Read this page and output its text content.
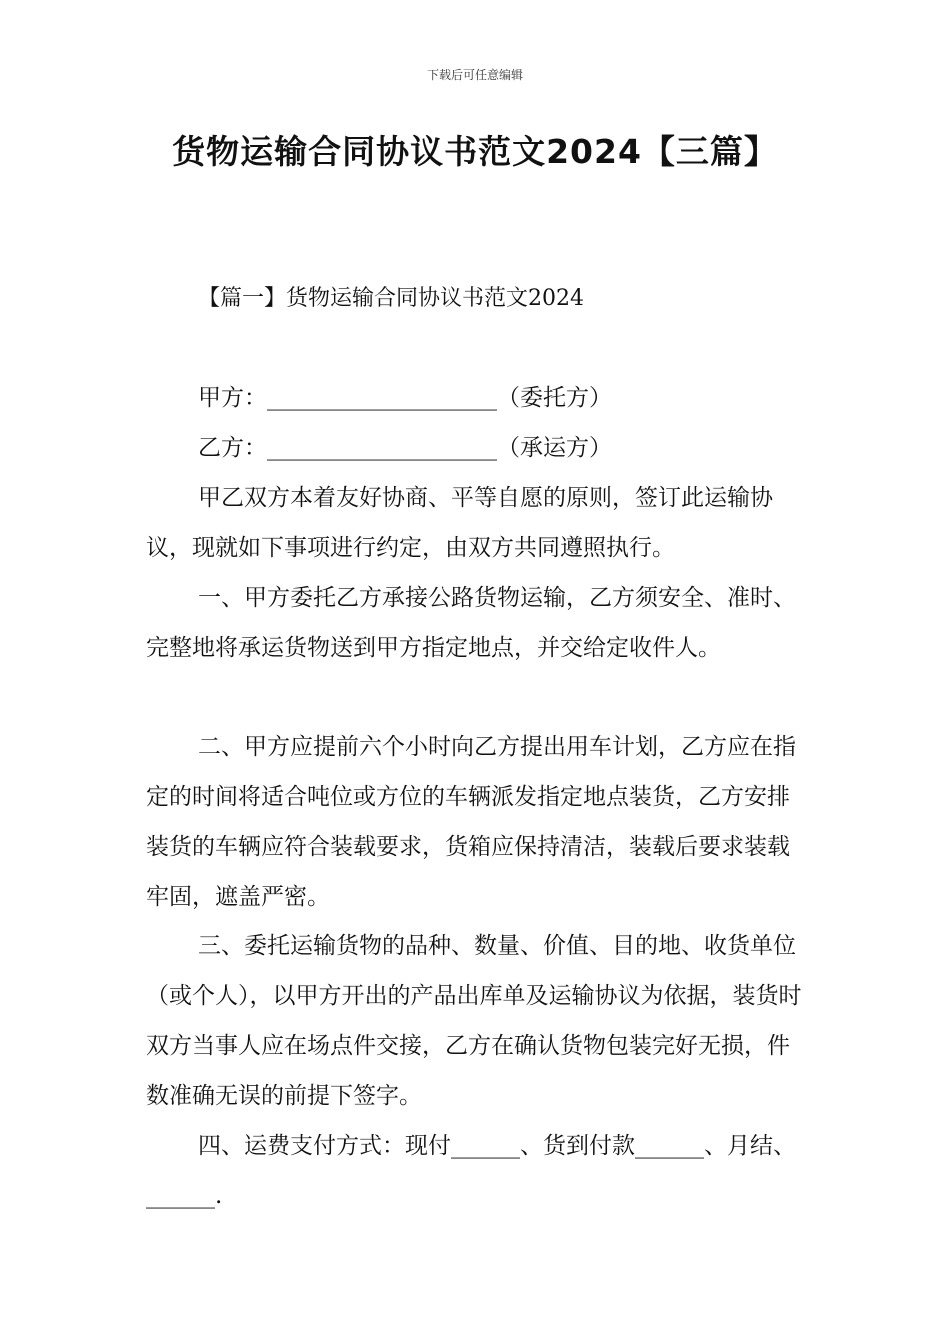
下载后可任意编辑
货物运输合同协议书范文2024【三篇】
【篇一】货物运输合同协议书范文2024
甲方：____________________（委托方）
乙方：____________________（承运方）

甲乙双方本着友好协商、平等自愿的原则，签订此运输协议，现就如下事项进行约定，由双方共同遵照执行。

一、甲方委托乙方承接公路货物运输，乙方须安全、准时、完整地将承运货物送到甲方指定地点，并交给定收件人。

二、甲方应提前六个小时向乙方提出用车计划，乙方应在指定的时间将适合吨位或方位的车辆派发指定地点装货，乙方安排装货的车辆应符合装载要求，货箱应保持清洁，装载后要求装载牢固，遮盖严密。

三、委托运输货物的品种、数量、价值、目的地、收货单位（或个人），以甲方开出的产品出库单及运输协议为依据，装货时双方当事人应在场点件交接，乙方在确认货物包装完好无损，件数准确无误的前提下签字。

四、运费支付方式：现付______、货到付款______、月结、______.
